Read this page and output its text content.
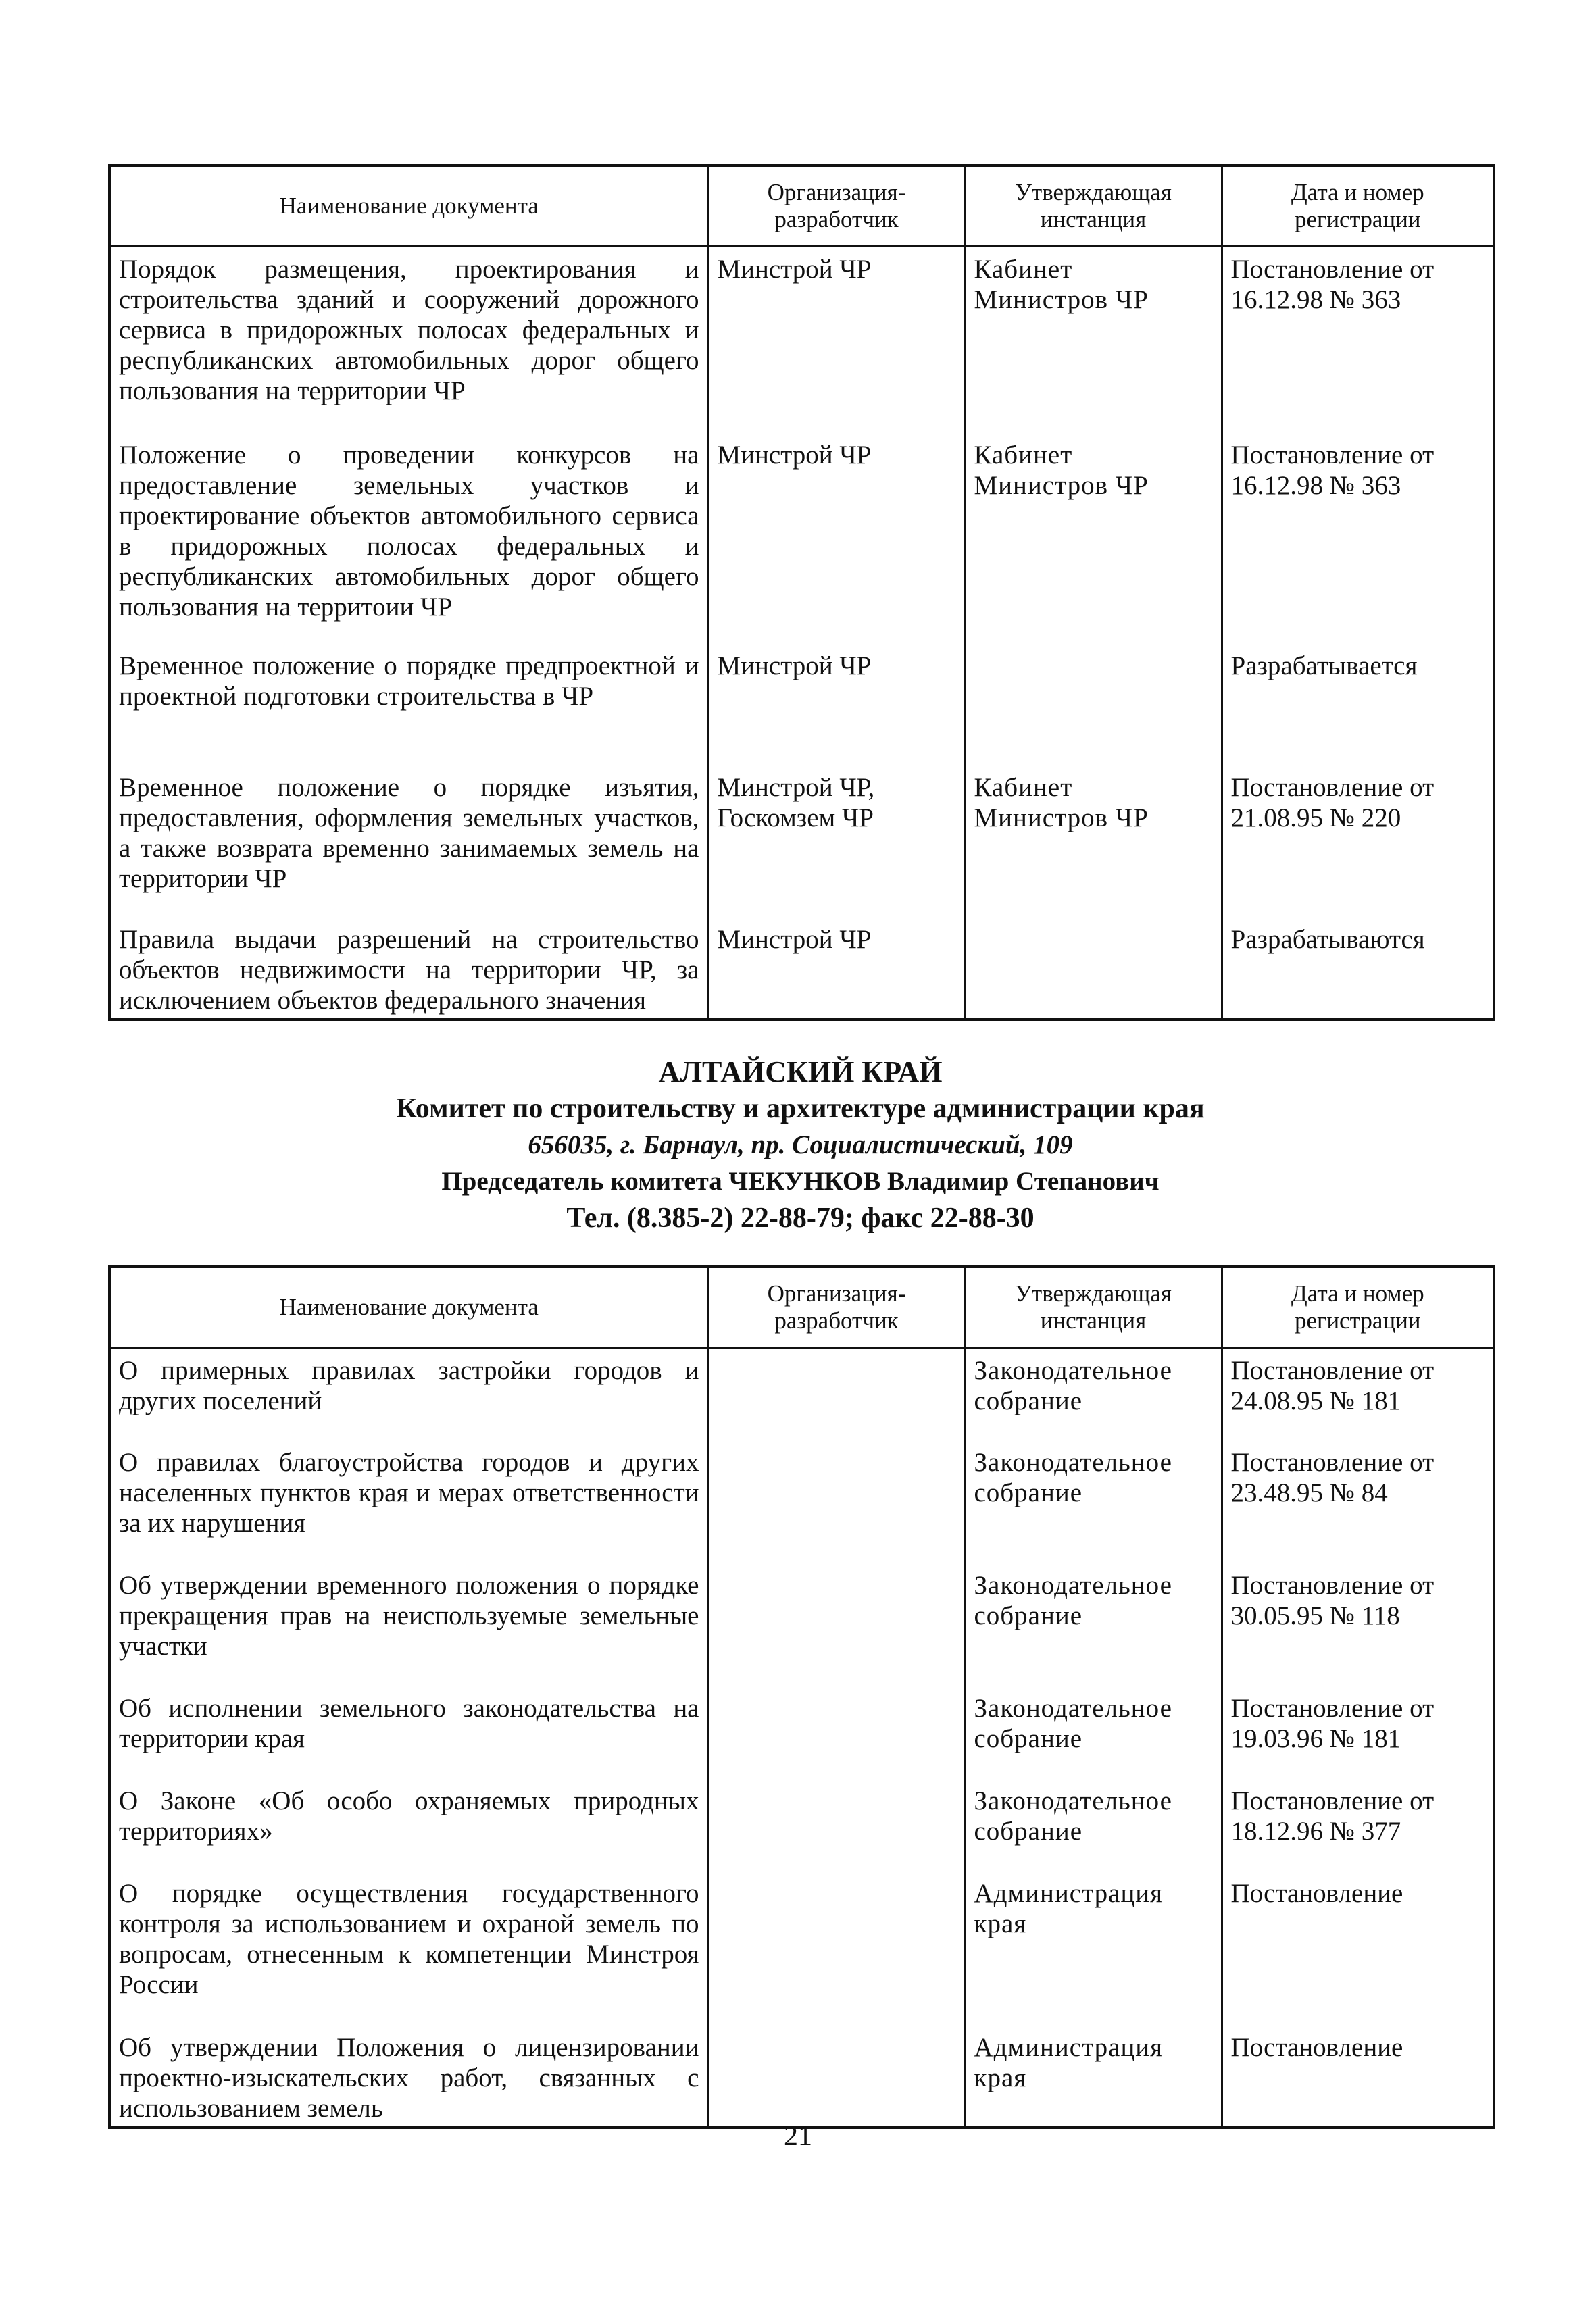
Наименование документа	Организация-разработчик	Утверждающая инстанция	Дата и номер регистрации
Порядок размещения, проектирования и строительства зданий и сооружений дорожного сервиса в придорожных полосах федеральных и республиканских автомобильных дорог общего пользования на территории ЧР	Минстрой ЧР	Кабинет Министров ЧР	Постановление от 16.12.98 № 363
Положение о проведении конкурсов на предоставление земельных участков и проектирование объектов автомобильного сервиса в придорожных полосах федеральных и республиканских автомобильных дорог общего пользования на территоии ЧР	Минстрой ЧР	Кабинет Министров ЧР	Постановление от 16.12.98 № 363
Временное положение о порядке предпроектной и проектной подготовки строительства в ЧР	Минстрой ЧР		Разрабатывается
Временное положение о порядке изъятия, предоставления, оформления земельных участков, а также возврата временно занимаемых земель на территории ЧР	Минстрой ЧР, Госкомзем ЧР	Кабинет Министров ЧР	Постановление от 21.08.95 № 220
Правила выдачи разрешений на строительство объектов недвижимости на территории ЧР, за исключением объектов федерального значения	Минстрой ЧР		Разрабатываются
АЛТАЙСКИЙ КРАЙ
Комитет по строительству и архитектуре администрации края
656035, г. Барнаул, пр. Социалистический, 109
Председатель комитета ЧЕКУНКОВ Владимир Степанович
Тел. (8.385-2) 22-88-79; факс 22-88-30
Наименование документа	Организация-разработчик	Утверждающая инстанция	Дата и номер регистрации
О примерных правилах застройки городов и других поселений		Законодательное собрание	Постановление от 24.08.95 № 181
О правилах благоустройства городов и других населенных пунктов края и мерах ответственности за их нарушения		Законодательное собрание	Постановление от 23.48.95 № 84
Об утверждении временного положения о порядке прекращения прав на неиспользуемые земельные участки		Законодательное собрание	Постановление от 30.05.95 № 118
Об исполнении земельного законодательства на территории края		Законодательное собрание	Постановление от 19.03.96 № 181
О Законе «Об особо охраняемых природных территориях»		Законодательное собрание	Постановление от 18.12.96 № 377
О порядке осуществления государственного контроля за использованием и охраной земель по вопросам, отнесенным к компетенции Минстроя России		Администрация края	Постановление
Об утверждении Положения о лицензировании проектно-изыскательских работ, связанных с использованием земель		Администрация края	Постановление
21
